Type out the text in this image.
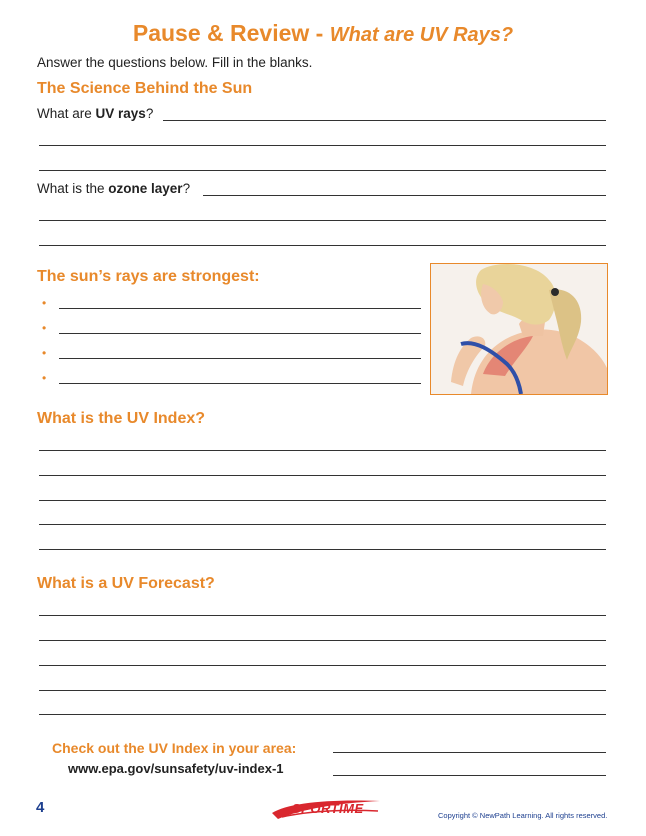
Pause & Review - What are UV Rays?
Answer the questions below. Fill in the blanks.
The Science Behind the Sun
What are UV rays?
What is the ozone layer?
The sun’s rays are strongest:
•
•
•
•
What is the UV Index?
What is a UV Forecast?
Check out the UV Index in your area:
www.epa.gov/sunsafety/uv-index-1
4	SPORTIME	Copyright © NewPath Learning. All rights reserved.
